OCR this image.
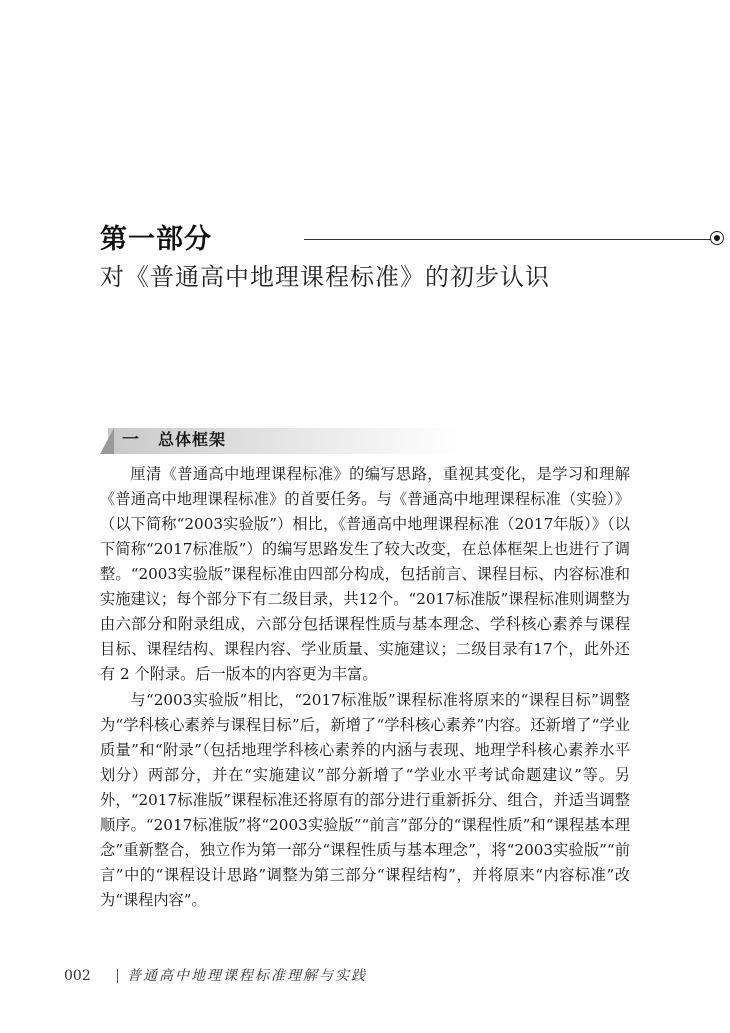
第一部分
对《普通高中地理课程标准》的初步认识
一 总体框架

厘清《普通高中地理课程标准》的编写思路，重视其变化，是学习和理解《普通高中地理课程标准》的首要任务。与《普通高中地理课程标准（实验）》（以下简称“2003实验版”）相比，《普通高中地理课程标准（2017年版）》（以下简称“2017标准版”）的编写思路发生了较大改变，在总体框架上也进行了调整。“2003实验版”课程标准由四部分构成，包括前言、课程目标、内容标准和实施建议；每个部分下有二级目录，共12个。“2017标准版”课程标准则调整为由六部分和附录组成，六部分包括课程性质与基本理念、学科核心素养与课程目标、课程结构、课程内容、学业质量、实施建议；二级目录有17个，此外还有 2 个附录。后一版本的内容更为丰富。

与“2003实验版”相比，“2017标准版”课程标准将原来的“课程目标”调整为“学科核心素养与课程目标”后，新增了“学科核心素养”内容。还新增了“学业质量”和“附录”（包括地理学科核心素养的内涵与表现、地理学科核心素养水平划分）两部分，并在“实施建议”部分新增了“学业水平考试命题建议”等。另外，“2017标准版”课程标准还将原有的部分进行重新拆分、组合，并适当调整顺序。“2017标准版”将“2003实验版”“前言”部分的“课程性质”和“课程基本理念”重新整合，独立作为第一部分“课程性质与基本理念”，将“2003实验版”“前言”中的“课程设计思路”调整为第三部分“课程结构”，并将原来“内容标准”改为“课程内容”。

002	普通高中地理课程标准理解与实践
